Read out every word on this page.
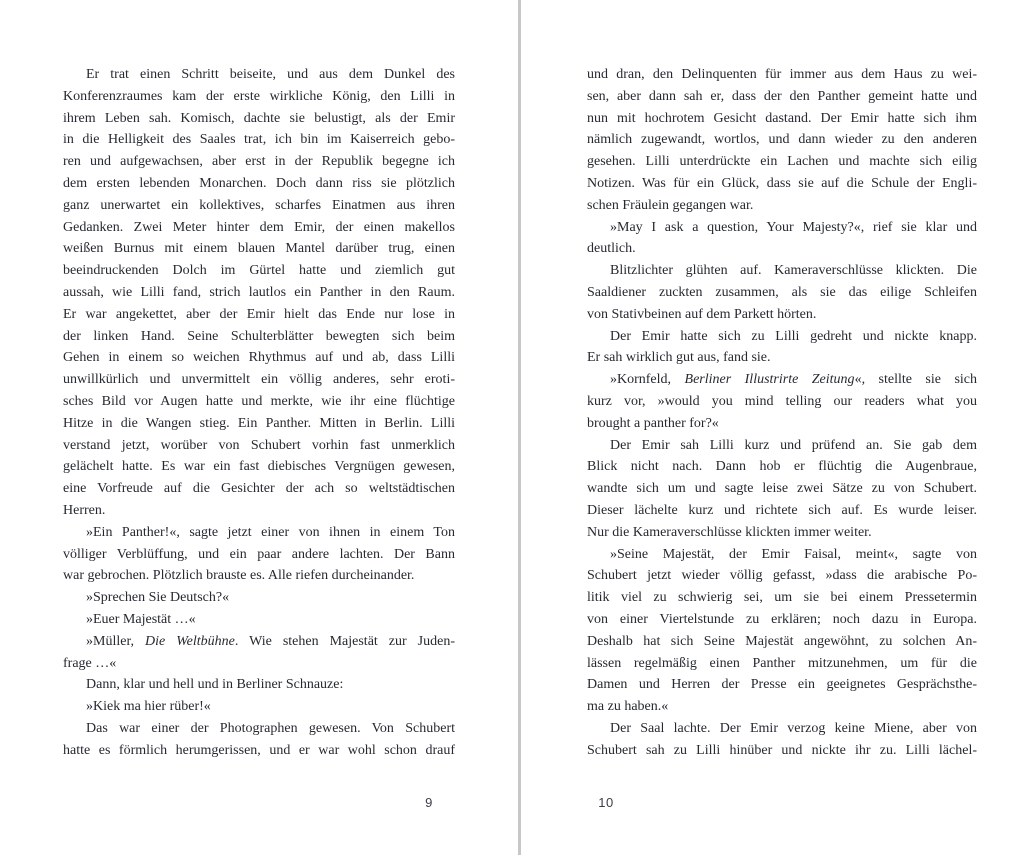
Er trat einen Schritt beiseite, und aus dem Dunkel des
Konferenzraumes kam der erste wirkliche König, den Lilli in
ihrem Leben sah. Komisch, dachte sie belustigt, als der Emir
in die Helligkeit des Saales trat, ich bin im Kaiserreich gebo-
ren und aufgewachsen, aber erst in der Republik begegne ich
dem ersten lebenden Monarchen. Doch dann riss sie plötzlich
ganz unerwartet ein kollektives, scharfes Einatmen aus ihren
Gedanken. Zwei Meter hinter dem Emir, der einen makellos
weißen Burnus mit einem blauen Mantel darüber trug, einen
beeindruckenden Dolch im Gürtel hatte und ziemlich gut
aussah, wie Lilli fand, strich lautlos ein Panther in den Raum.
Er war angekettet, aber der Emir hielt das Ende nur lose in
der linken Hand. Seine Schulterblätter bewegten sich beim
Gehen in einem so weichen Rhythmus auf und ab, dass Lilli
unwillkürlich und unvermittelt ein völlig anderes, sehr eroti-
sches Bild vor Augen hatte und merkte, wie ihr eine flüchtige
Hitze in die Wangen stieg. Ein Panther. Mitten in Berlin. Lilli
verstand jetzt, worüber von Schubert vorhin fast unmerklich
gelächelt hatte. Es war ein fast diebisches Vergnügen gewesen,
eine Vorfreude auf die Gesichter der ach so weltstädtischen
Herren.
»Ein Panther!«, sagte jetzt einer von ihnen in einem Ton
völliger Verblüffung, und ein paar andere lachten. Der Bann
war gebrochen. Plötzlich brauste es. Alle riefen durcheinander.
»Sprechen Sie Deutsch?«
»Euer Majestät …«
»Müller, Die Weltbühne. Wie stehen Majestät zur Juden-
frage …«
Dann, klar und hell und in Berliner Schnauze:
»Kiek ma hier rüber!«
Das war einer der Photographen gewesen. Von Schubert
hatte es förmlich herumgerissen, und er war wohl schon drauf
und dran, den Delinquenten für immer aus dem Haus zu wei-
sen, aber dann sah er, dass der den Panther gemeint hatte und
nun mit hochrotem Gesicht dastand. Der Emir hatte sich ihm
nämlich zugewandt, wortlos, und dann wieder zu den anderen
gesehen. Lilli unterdrückte ein Lachen und machte sich eilig
Notizen. Was für ein Glück, dass sie auf die Schule der Engli-
schen Fräulein gegangen war.
»May I ask a question, Your Majesty?«, rief sie klar und
deutlich.
Blitzlichter glühten auf. Kameraverschlüsse klickten. Die
Saaldiener zuckten zusammen, als sie das eilige Schleifen
von Stativbeinen auf dem Parkett hörten.
Der Emir hatte sich zu Lilli gedreht und nickte knapp.
Er sah wirklich gut aus, fand sie.
»Kornfeld, Berliner Illustrirte Zeitung«, stellte sie sich
kurz vor, »would you mind telling our readers what you
brought a panther for?«
Der Emir sah Lilli kurz und prüfend an. Sie gab dem
Blick nicht nach. Dann hob er flüchtig die Augenbraue,
wandte sich um und sagte leise zwei Sätze zu von Schubert.
Dieser lächelte kurz und richtete sich auf. Es wurde leiser.
Nur die Kameraverschlüsse klickten immer weiter.
»Seine Majestät, der Emir Faisal, meint«, sagte von
Schubert jetzt wieder völlig gefasst, »dass die arabische Po-
litik viel zu schwierig sei, um sie bei einem Pressetermin
von einer Viertelstunde zu erklären; noch dazu in Europa.
Deshalb hat sich Seine Majestät angewöhnt, zu solchen An-
lässen regelmäßig einen Panther mitzunehmen, um für die
Damen und Herren der Presse ein geeignetes Gesprächsthe-
ma zu haben.«
Der Saal lachte. Der Emir verzog keine Miene, aber von
Schubert sah zu Lilli hinüber und nickte ihr zu. Lilli lächel-
9	10
